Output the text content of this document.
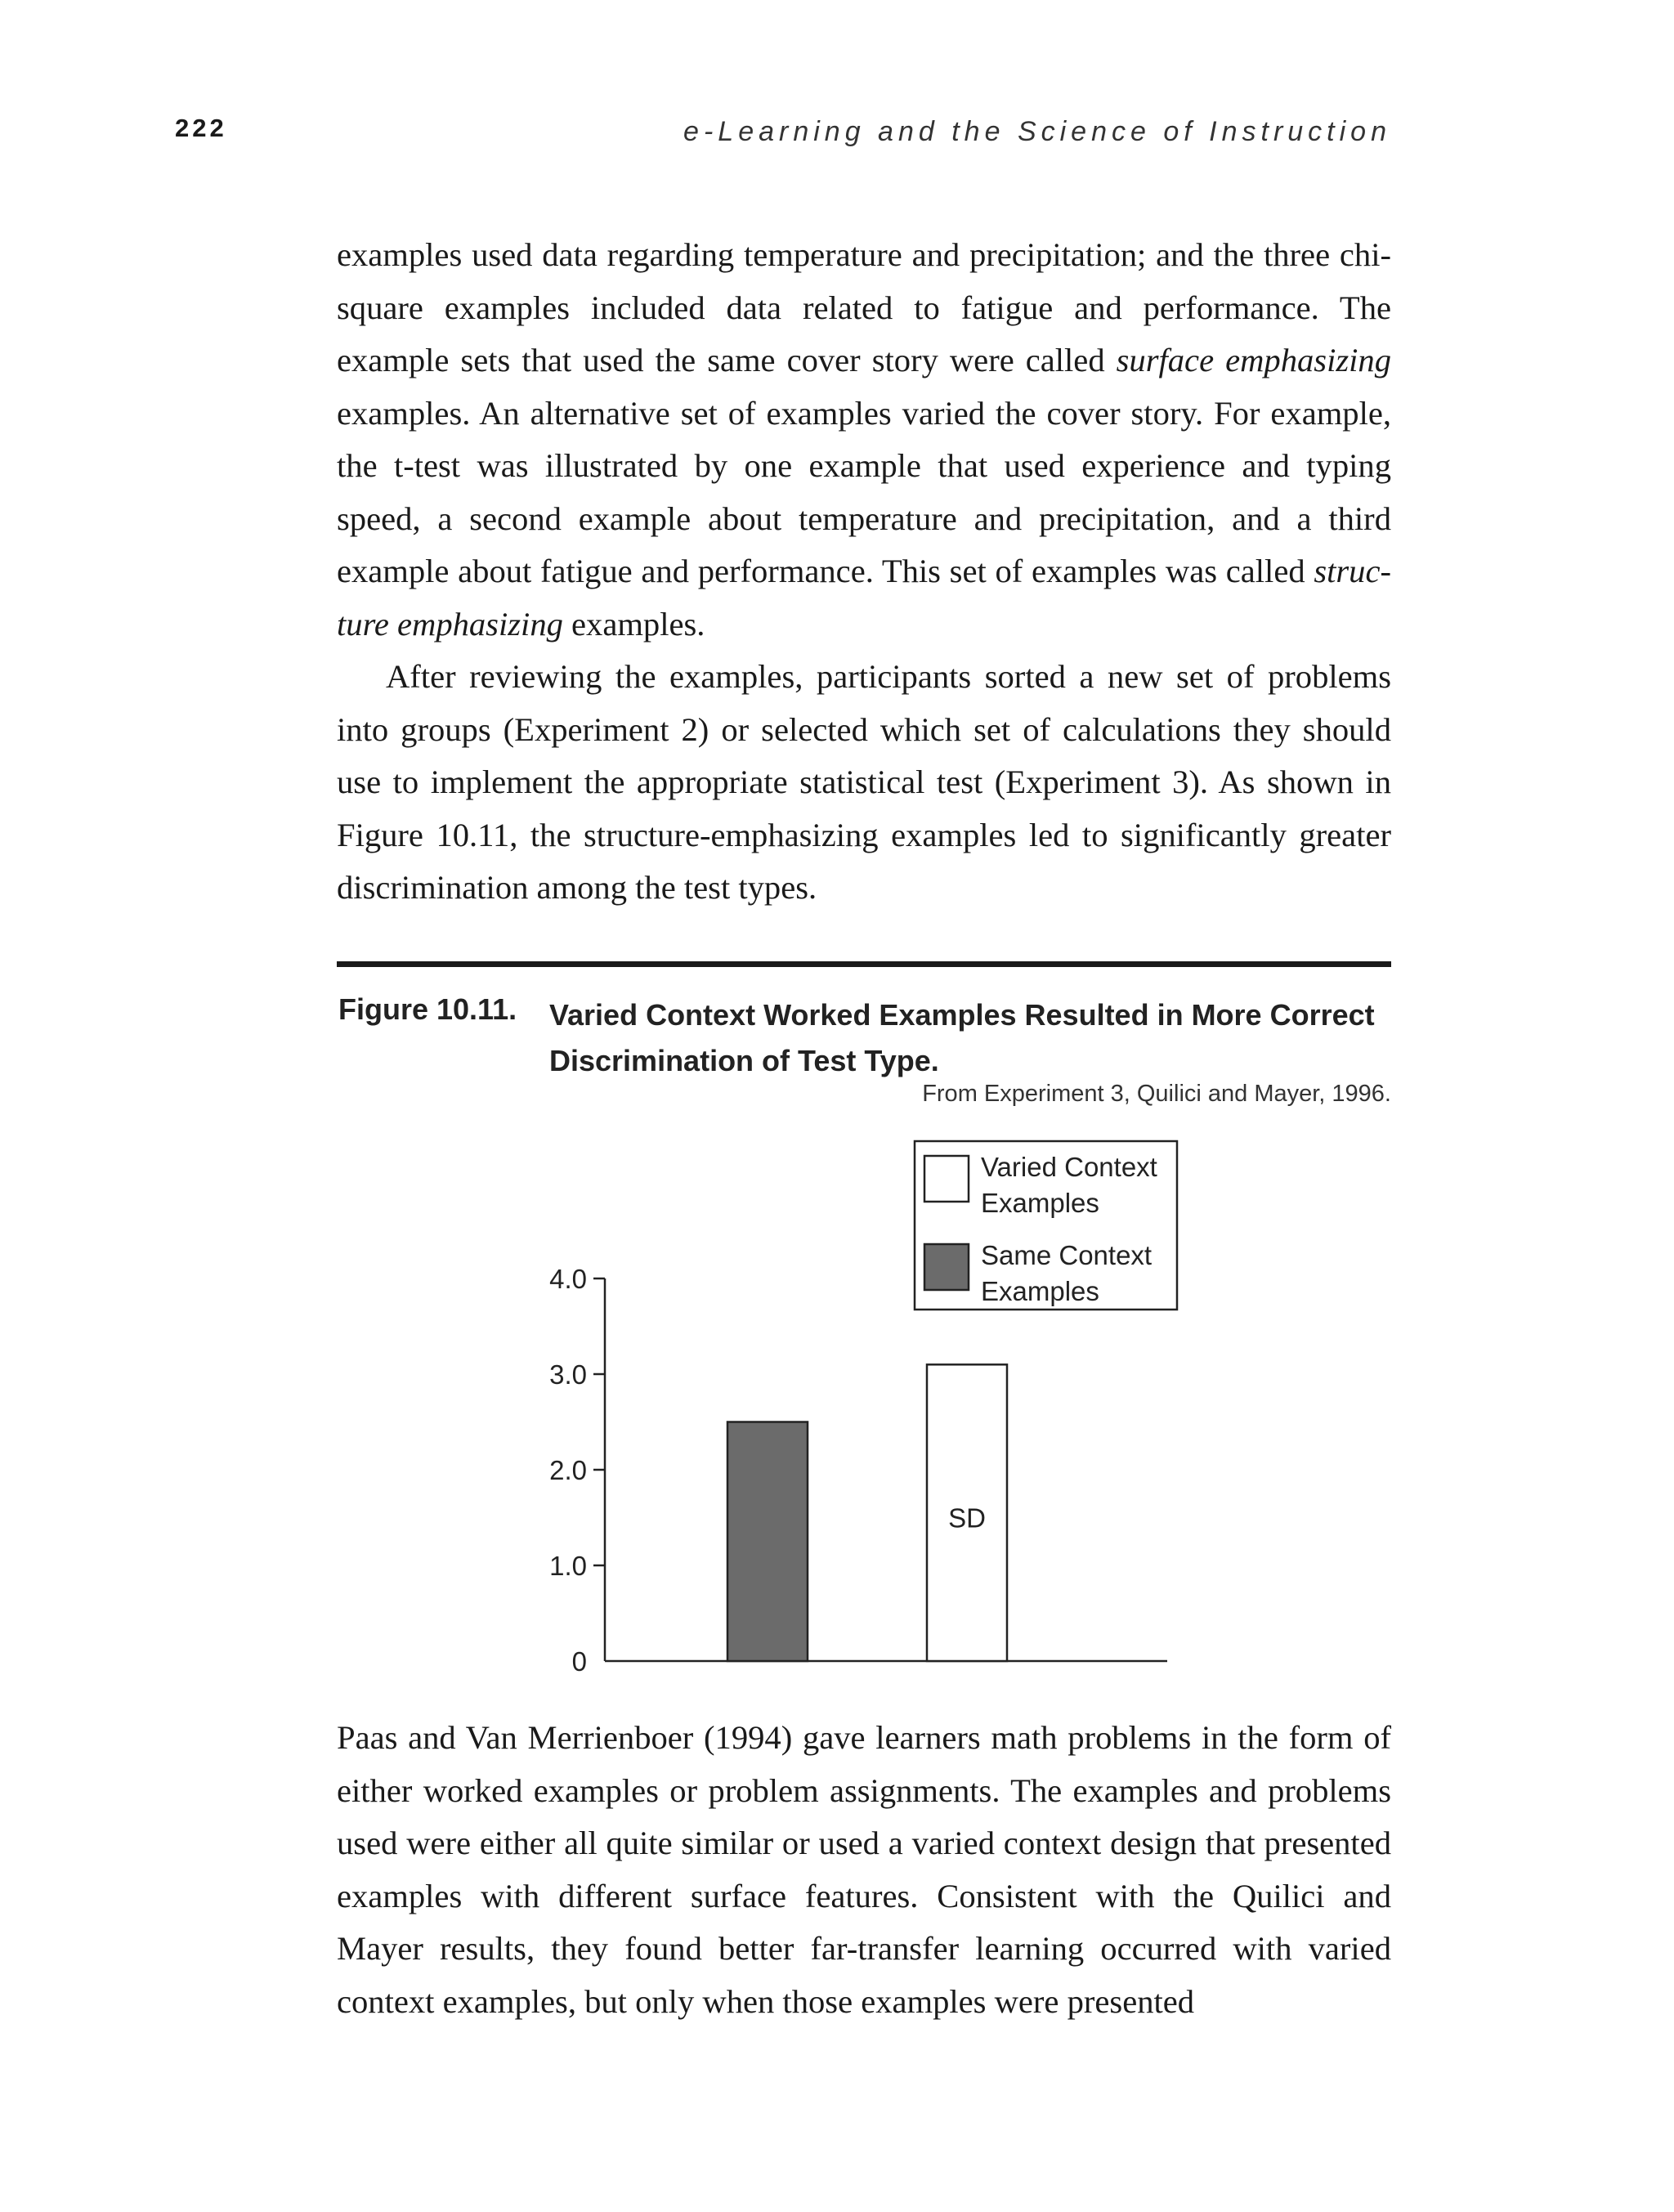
222	e-Learning and the Science of Instruction

examples used data regarding temperature and precipitation; and the three chi-square examples included data related to fatigue and performance. The example sets that used the same cover story were called surface emphasizing examples. An alternative set of examples varied the cover story. For example, the t-test was illustrated by one example that used experience and typing speed, a second example about temperature and precipitation, and a third example about fatigue and performance. This set of examples was called struc-ture emphasizing examples.

After reviewing the examples, participants sorted a new set of problems into groups (Experiment 2) or selected which set of calculations they should use to implement the appropriate statistical test (Experiment 3). As shown in Figure 10.11, the structure-emphasizing examples led to significantly greater discrimination among the test types.

Figure 10.11. Varied Context Worked Examples Resulted in More Correct
Discrimination of Test Type.
From Experiment 3, Quilici and Mayer, 1996.
0
1.0
2.0
3.0
4.0
SD
Varied Context
Examples
Same Context
Examples

Paas and Van Merrienboer (1994) gave learners math problems in the form of either worked examples or problem assignments. The examples and problems used were either all quite similar or used a varied context design that presented examples with different surface features. Consistent with the Quilici and Mayer results, they found better far-transfer learning occurred with varied context examples, but only when those examples were presented
